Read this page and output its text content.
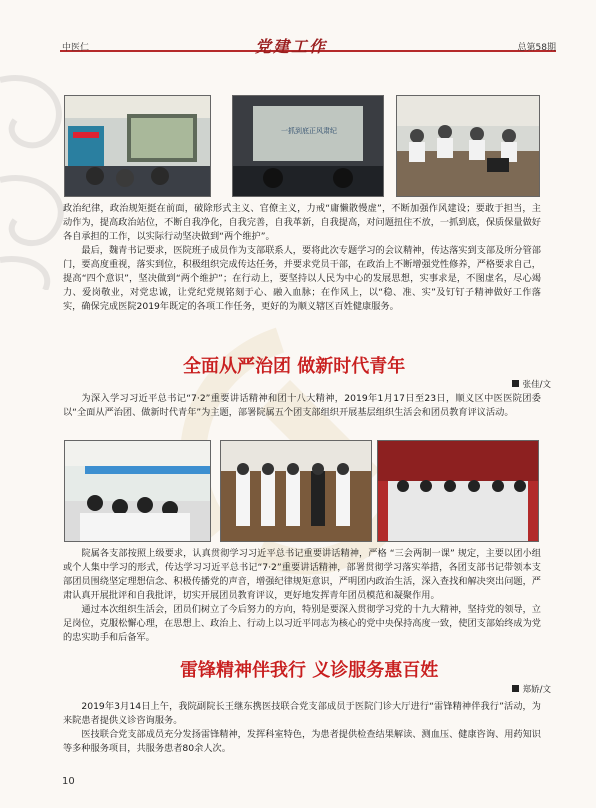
中医仁	党建工作	总第58期
一抓到底正风肃纪

政治纪律，政治规矩挺在前面，破除形式主义、官僚主义，力戒“庸懒散慢虚”，不断加强作风建设；要敢于担当，主动作为，提高政治站位，不断自我净化，自我完善，自我革新，自我提高，对问题扭住不放，一抓到底，保质保量做好各自承担的工作，以实际行动坚决做到“两个维护”。

最后，魏青书记要求，医院班子成员作为支部联系人，要将此次专题学习的会议精神，传达落实到支部及所分管部门，要高度重视，落实到位，积极组织完成传达任务，并要求党员干部，在政治上不断增强党性修养，严格要求自己，提高“四个意识”，坚决做到“两个维护”；在行动上，要坚持以人民为中心的发展思想，实事求是，不图虚名，尽心竭力、爱岗敬业，对党忠诚，让党纪党规铭刻于心、融入血脉；在作风上，以“稳、准、实”及钉钉子精神做好工作落实，确保完成医院2019年既定的各项工作任务，更好的为顺义辖区百姓健康服务。

全面从严治团 做新时代青年
张佳/文

为深入学习习近平总书记“7·2”重要讲话精神和团十八大精神，2019年1月17日至23日，顺义区中医医院团委以“全面从严治团、做新时代青年”为主题，部署院属五个团支部组织开展基层组织生活会和团员教育评议活动。

院属各支部按照上级要求，认真贯彻学习习近平总书记重要讲话精神，严格 “三会两制一课” 规定，主要以团小组或个人集中学习的形式，传达学习习近平总书记“7·2”重要讲话精神，部署贯彻学习落实举措，各团支部书记带领本支部团员围绕坚定理想信念、积极传播党的声音，增强纪律规矩意识，严明团内政治生活，深入查找和解决突出问题，严肃认真开展批评和自我批评，切实开展团员教育评议，更好地发挥青年团员模范和凝聚作用。

通过本次组织生活会，团员们树立了今后努力的方向，特别是要深入贯彻学习党的十九大精神，坚持党的领导，立足岗位，克服松懈心理，在思想上、政治上、行动上以习近平同志为核心的党中央保持高度一致，使团支部始终成为党的忠实助手和后备军。

雷锋精神伴我行 义诊服务惠百姓
郑娇/文

2019年3月14日上午，我院副院长王继东携医技联合党支部成员于医院门诊大厅进行“雷锋精神伴我行”活动，为来院患者提供义诊咨询服务。

医技联合党支部成员充分发扬雷锋精神，发挥科室特色，为患者提供检查结果解读、测血压、健康咨询、用药知识等多种服务项目，共服务患者80余人次。

10
